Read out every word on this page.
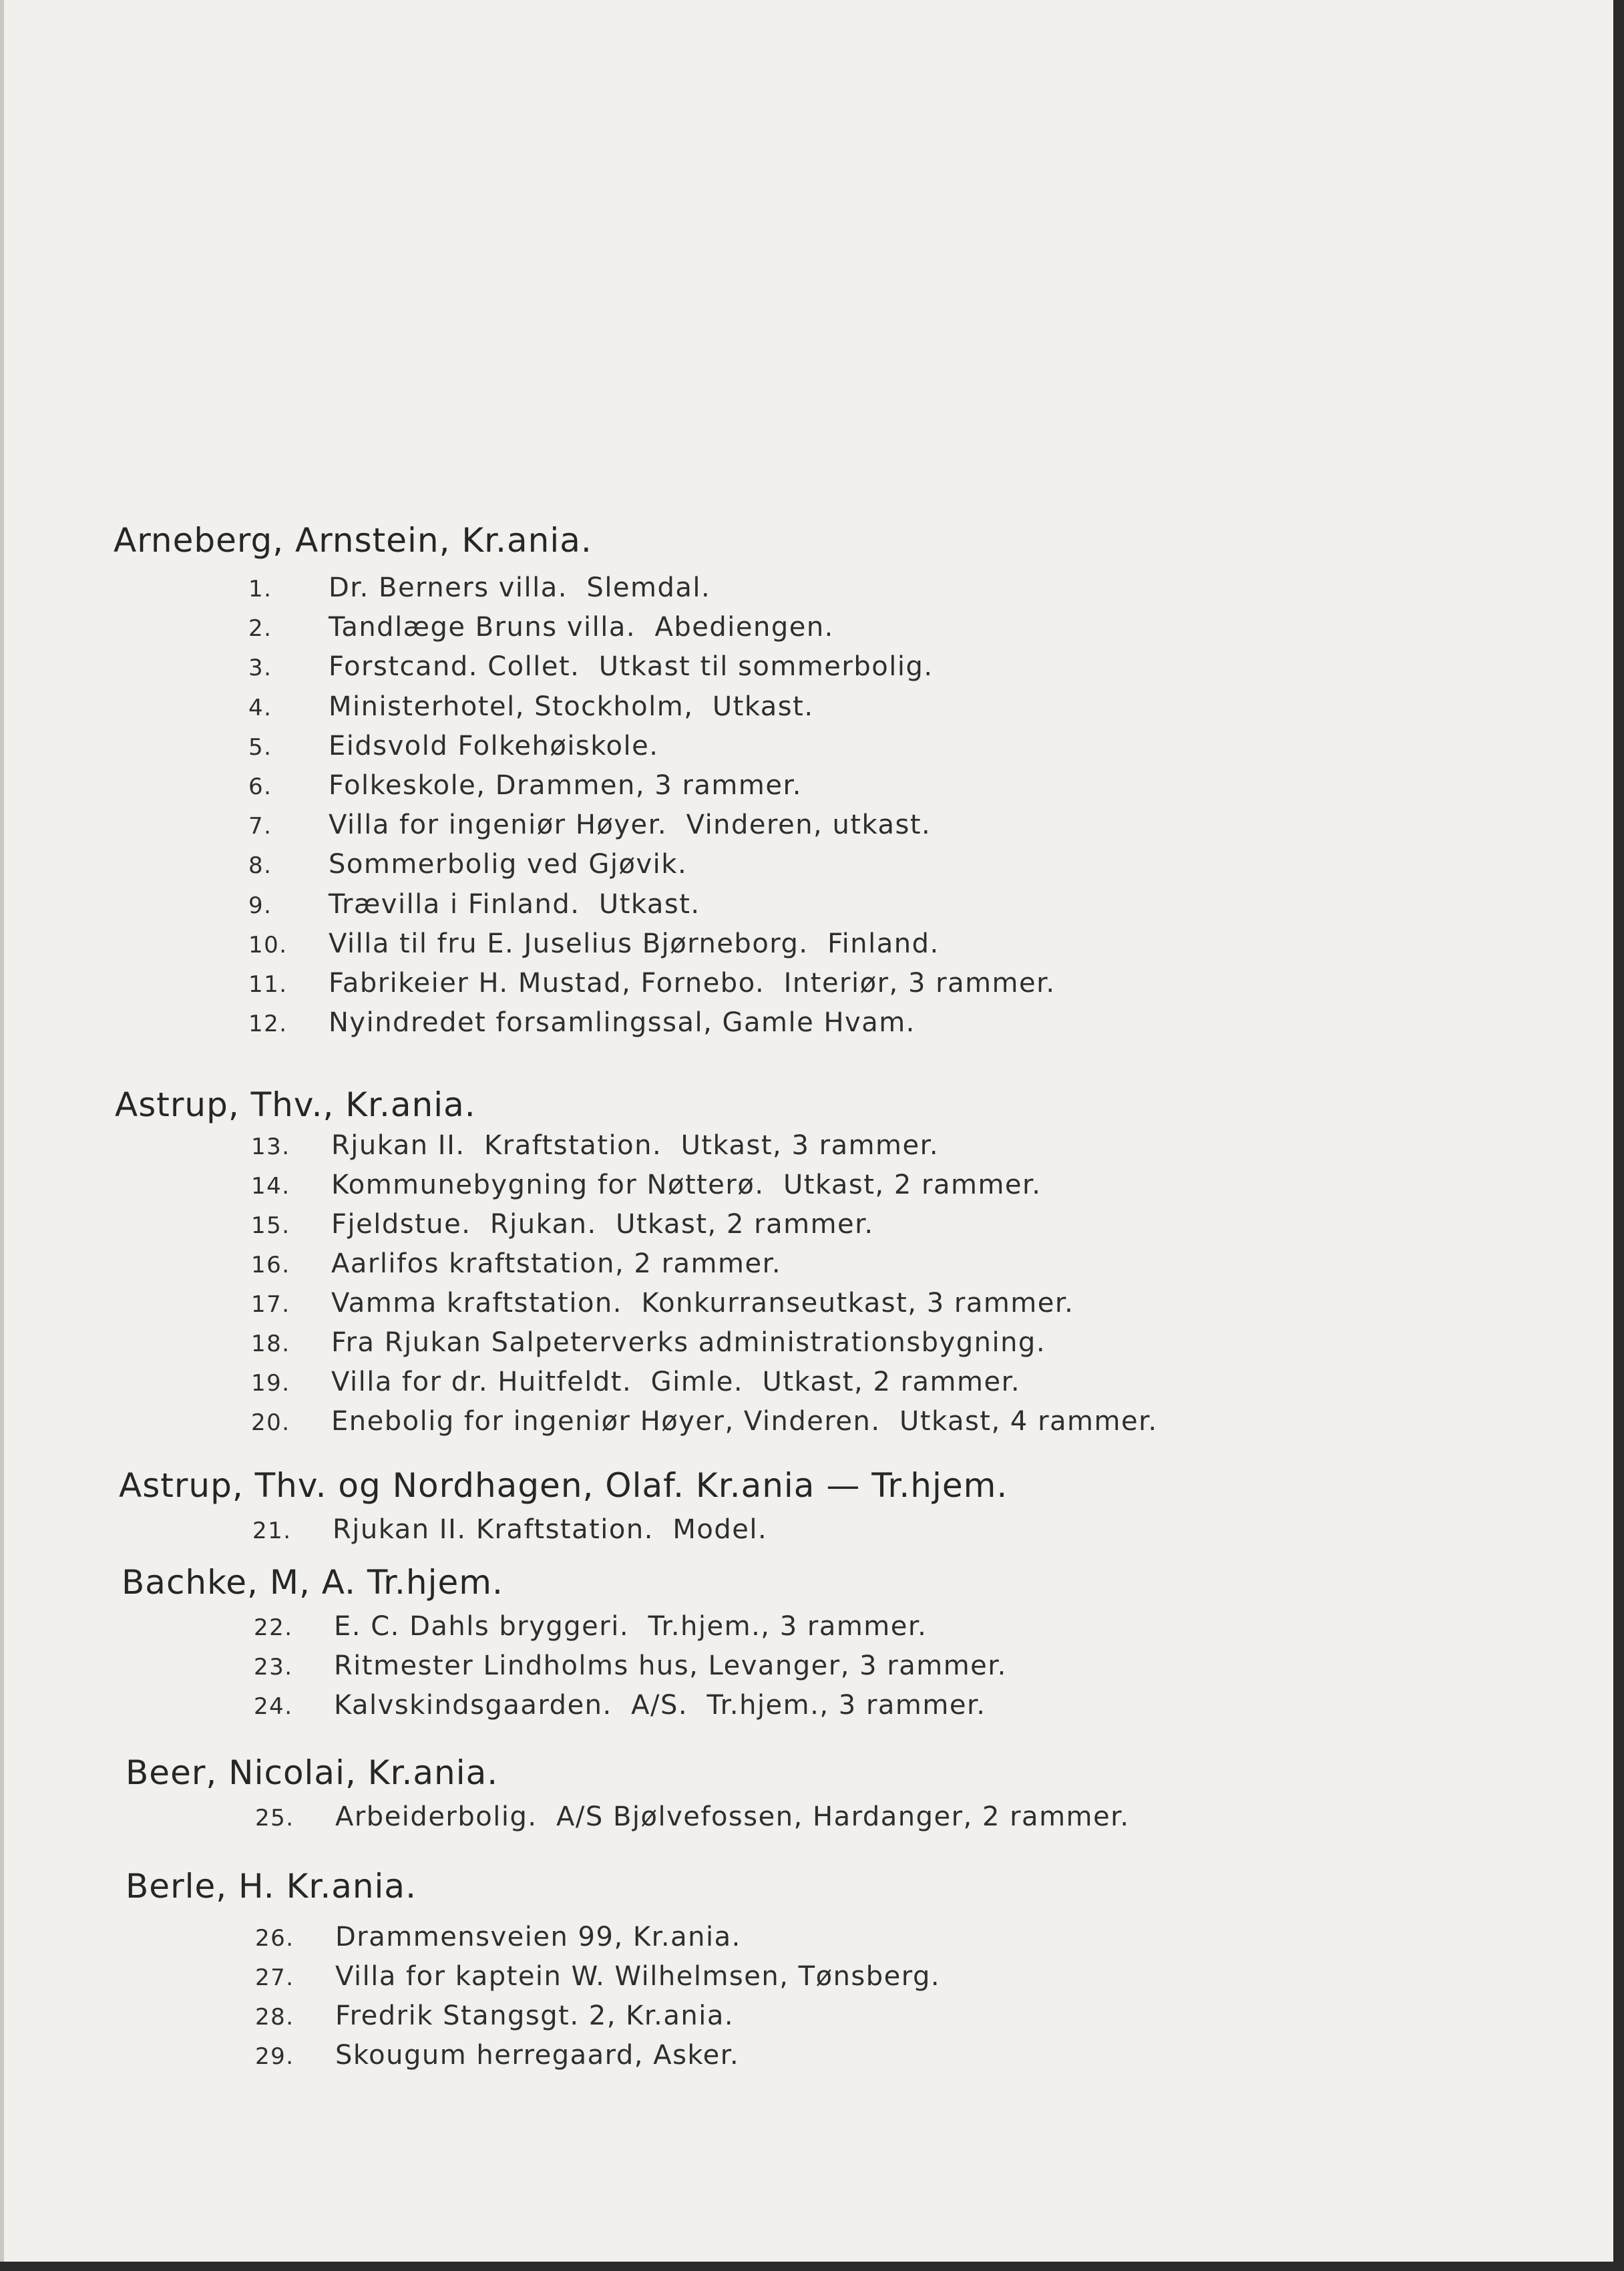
Arneberg, Arnstein, Kr.ania.
1. Dr. Berners villa.  Slemdal.
2. Tandlæge Bruns villa.  Abediengen.
3. Forstcand. Collet.  Utkast til sommerbolig.
4. Ministerhotel, Stockholm,  Utkast.
5. Eidsvold Folkehøiskole.
6. Folkeskole, Drammen, 3 rammer.
7. Villa for ingeniør Høyer.  Vinderen, utkast.
8. Sommerbolig ved Gjøvik.
9. Trævilla i Finland.  Utkast.
10. Villa til fru E. Juselius Bjørneborg.  Finland.
11. Fabrikeier H. Mustad, Fornebo.  Interiør, 3 rammer.
12. Nyindredet forsamlingssal, Gamle Hvam.
Astrup, Thv., Kr.ania.
13. Rjukan II.  Kraftstation.  Utkast, 3 rammer.
14. Kommunebygning for Nøtterø.  Utkast, 2 rammer.
15. Fjeldstue.  Rjukan.  Utkast, 2 rammer.
16. Aarlifos kraftstation, 2 rammer.
17. Vamma kraftstation.  Konkurranseutkast, 3 rammer.
18. Fra Rjukan Salpeterverks administrationsbygning.
19. Villa for dr. Huitfeldt.  Gimle.  Utkast, 2 rammer.
20. Enebolig for ingeniør Høyer, Vinderen.  Utkast, 4 rammer.
Astrup, Thv. og Nordhagen, Olaf. Kr.ania — Tr.hjem.
21. Rjukan II. Kraftstation.  Model.
Bachke, M, A. Tr.hjem.
22. E. C. Dahls bryggeri.  Tr.hjem., 3 rammer.
23. Ritmester Lindholms hus, Levanger, 3 rammer.
24. Kalvskindsgaarden.  A/S.  Tr.hjem., 3 rammer.
Beer, Nicolai, Kr.ania.
25. Arbeiderbolig.  A/S Bjølvefossen, Hardanger, 2 rammer.
Berle, H. Kr.ania.
26. Drammensveien 99, Kr.ania.
27. Villa for kaptein W. Wilhelmsen, Tønsberg.
28. Fredrik Stangsgt. 2, Kr.ania.
29. Skougum herregaard, Asker.
